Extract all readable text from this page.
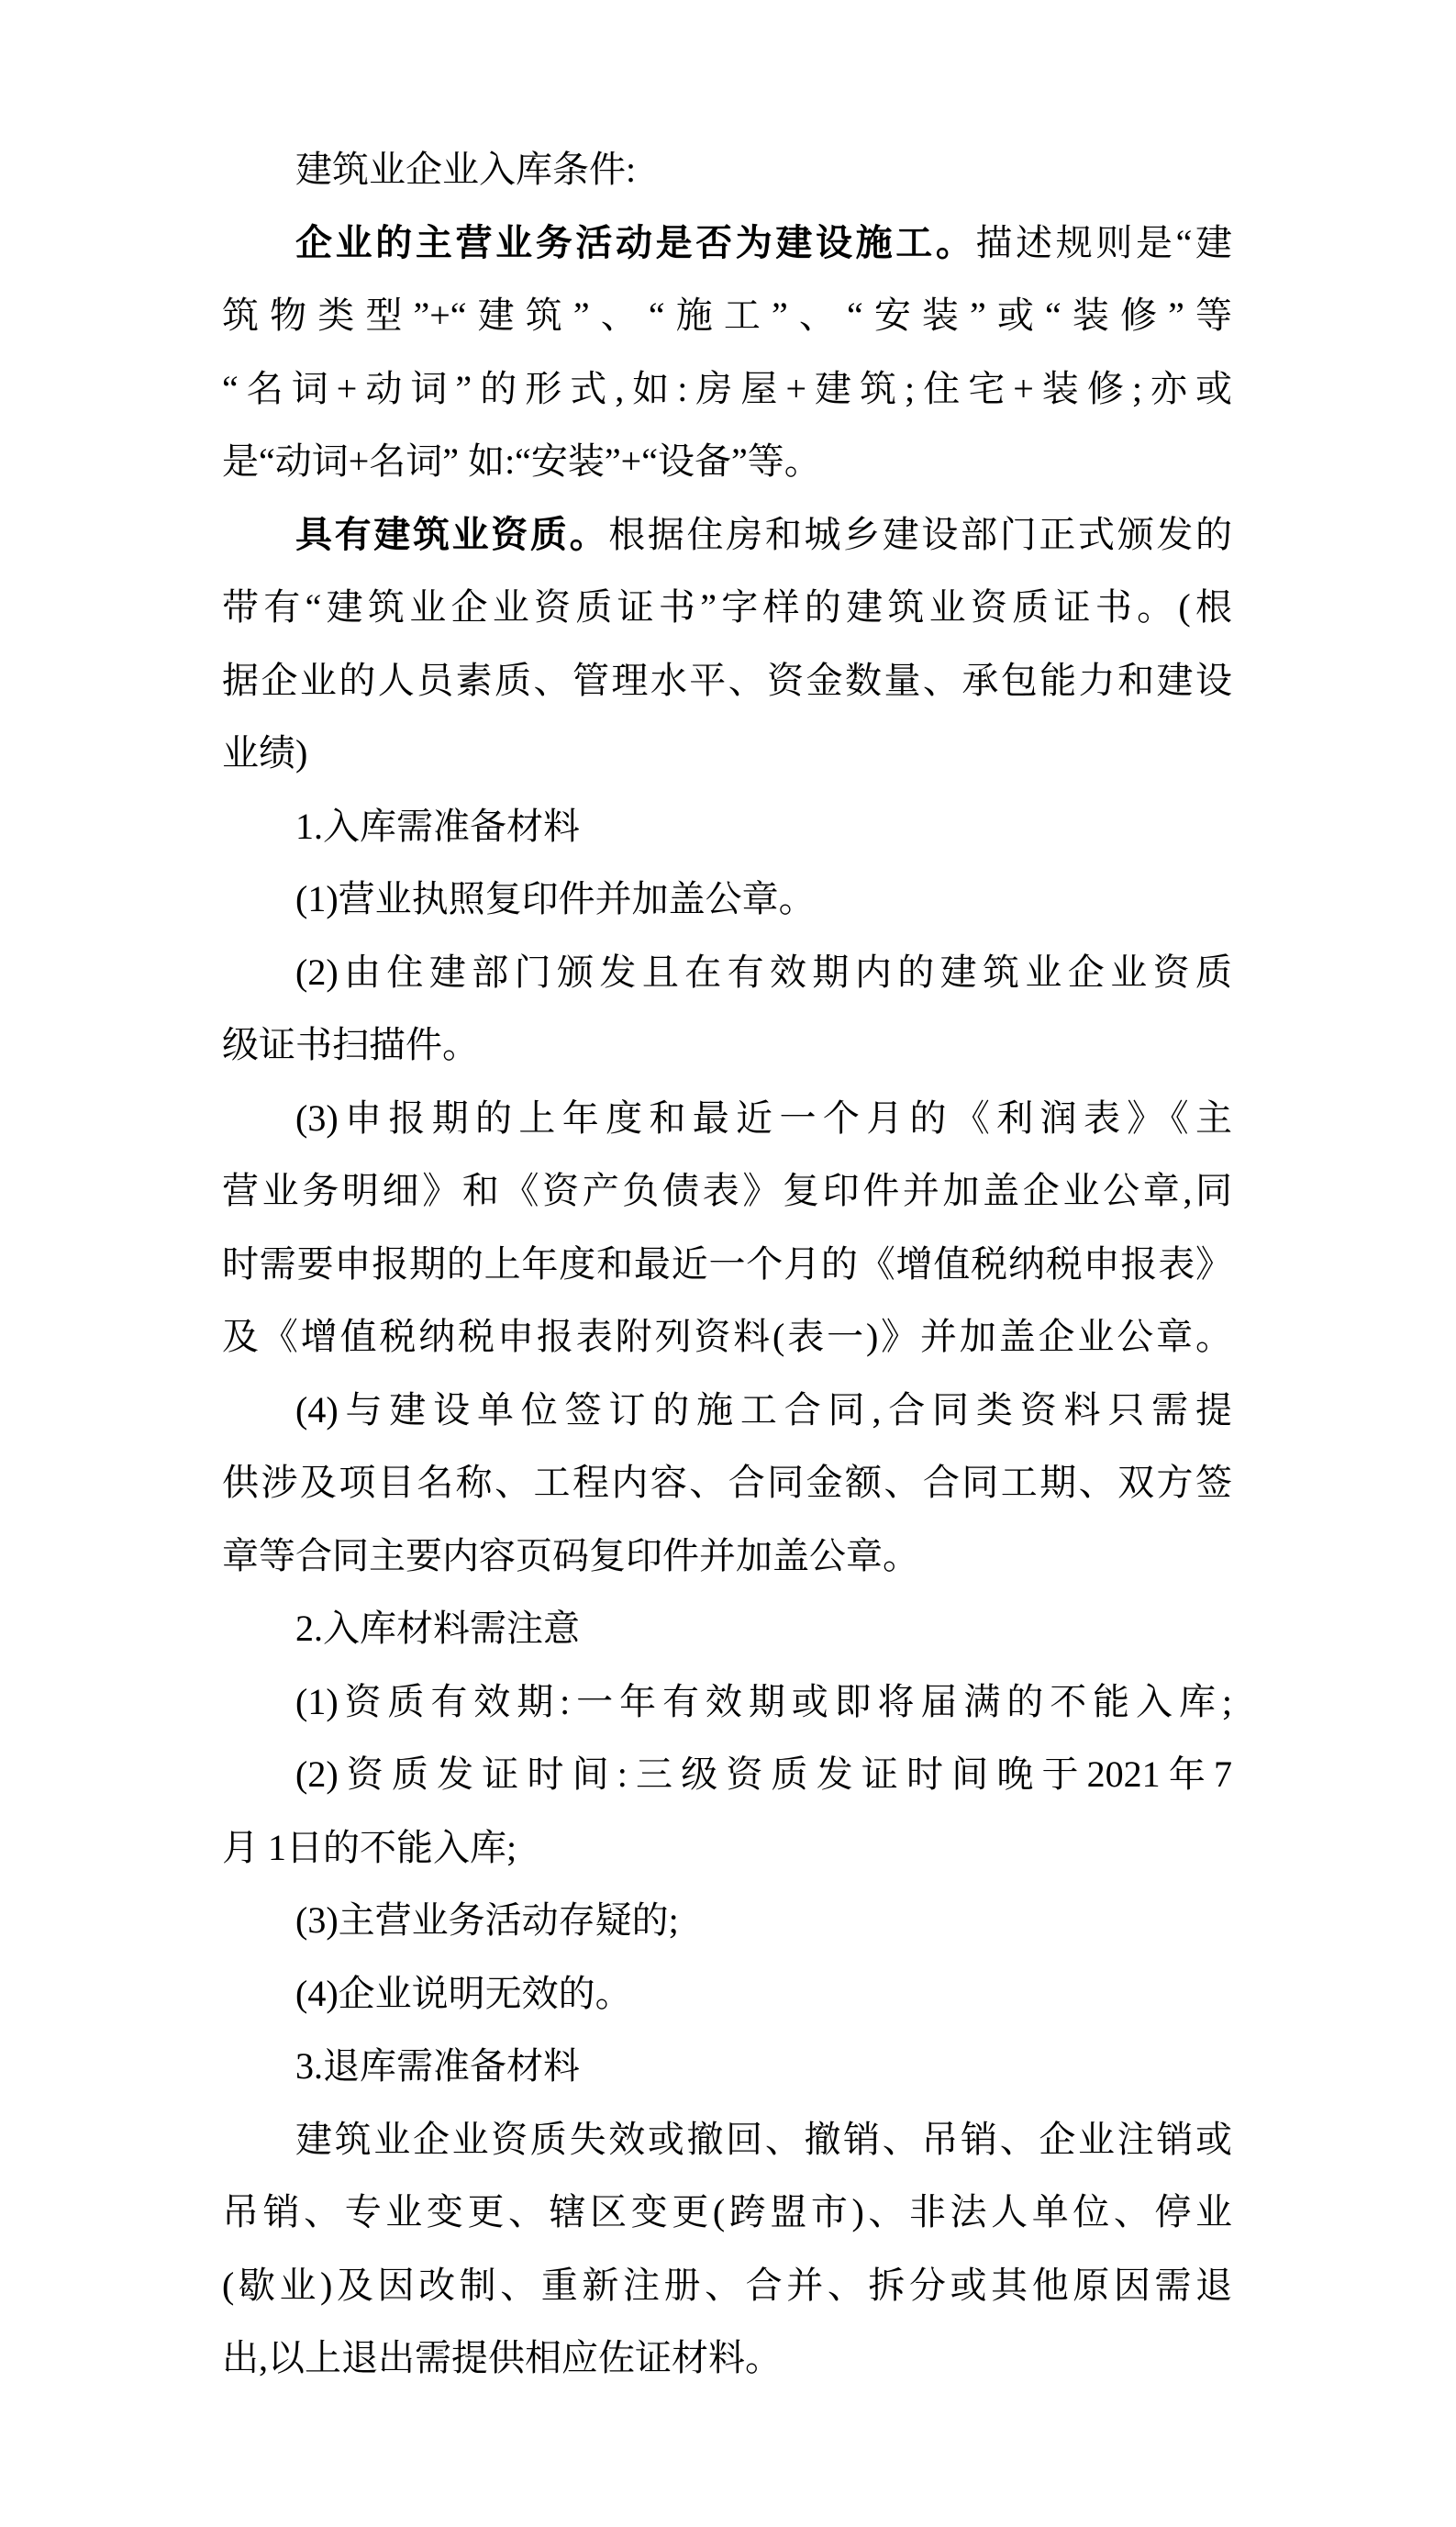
建筑业企业入库条件:
企业的主营业务活动是否为建设施工。描述规则是“建
筑物类型”+“建筑”、“施工”、“安装”或“装修”等
“名词+动词”的形式,如:房屋+建筑;住宅+装修;亦或
是“动词+名词” 如:“安装”+“设备”等。
具有建筑业资质。根据住房和城乡建设部门正式颁发的
带有“建筑业企业资质证书”字样的建筑业资质证书。(根
据企业的人员素质、管理水平、资金数量、承包能力和建设
业绩)
1.入库需准备材料
(1)营业执照复印件并加盖公章。
(2)由住建部门颁发且在有效期内的建筑业企业资质
级证书扫描件。
(3)申报期的上年度和最近一个月的《利润表》《主
营业务明细》和《资产负债表》复印件并加盖企业公章,同
时需要申报期的上年度和最近一个月的《增值税纳税申报表》
及《增值税纳税申报表附列资料(表一)》并加盖企业公章。
(4)与建设单位签订的施工合同,合同类资料只需提
供涉及项目名称、工程内容、合同金额、合同工期、双方签
章等合同主要内容页码复印件并加盖公章。
2.入库材料需注意
(1)资质有效期:一年有效期或即将届满的不能入库;
(2)资质发证时间:三级资质发证时间晚于2021年7
月 1日的不能入库;
(3)主营业务活动存疑的;
(4)企业说明无效的。
3.退库需准备材料
建筑业企业资质失效或撤回、撤销、吊销、企业注销或
吊销、专业变更、辖区变更(跨盟市)、非法人单位、停业
(歇业)及因改制、重新注册、合并、拆分或其他原因需退
出,以上退出需提供相应佐证材料。
